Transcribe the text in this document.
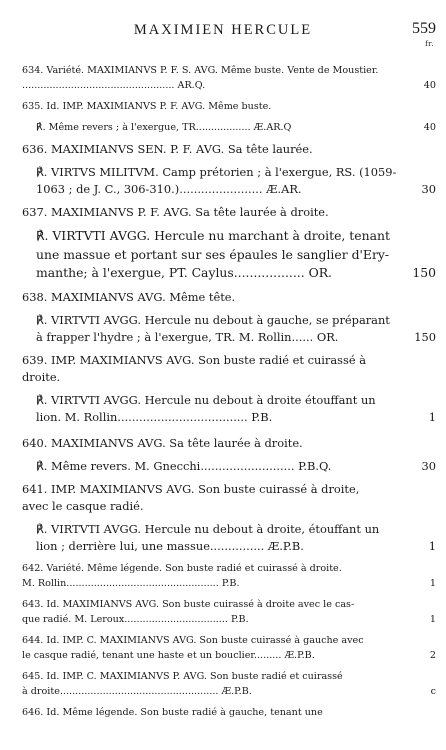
MAXIMIEN HERCULE	559
fr.
634. Variété. MAXIMIANVS P. F. S. AVG. Même buste. Vente de Moustier.
.................................................. AR.Q.	40
635. Id. IMP. MAXIMIANVS P. F. AVG. Même buste.
℟. Même revers ; à l'exergue, TR.................. Æ.AR.Q	40
636. MAXIMIANVS SEN. P. F. AVG. Sa tête laurée.
℟. VIRTVS MILITVM. Camp prétorien ; à l'exergue, RS. (1059-
1063 ; de J. C., 306-310.)....................... Æ.AR.	30
637. MAXIMIANVS P. F. AVG. Sa tête laurée à droite.
℟. VIRTVTI AVGG. Hercule nu marchant à droite, tenant
une massue et portant sur ses épaules le sanglier d'Ery-
manthe; à l'exergue, PT. Caylus.................. OR.	150
638. MAXIMIANVS AVG. Même tête.
℟. VIRTVTI AVGG. Hercule nu debout à gauche, se préparant
à frapper l'hydre ; à l'exergue, TR. M. Rollin...... OR.	150
639. IMP. MAXIMIANVS AVG. Son buste radié et cuirassé à
droite.
℟. VIRTVTI AVGG. Hercule nu debout à droite étouffant un
lion. M. Rollin.................................... P.B.	1
640. MAXIMIANVS AVG. Sa tête laurée à droite.
℟. Même revers. M. Gnecchi.......................... P.B.Q.	30
641. IMP. MAXIMIANVS AVG. Son buste cuirassé à droite,
avec le casque radié.
℟. VIRTVTI AVGG. Hercule nu debout à droite, étouffant un
lion ; derrière lui, une massue............... Æ.P.B.	1
642. Variété. Même légende. Son buste radié et cuirassé à droite.
M. Rollin.................................................. P.B.	1
643. Id. MAXIMIANVS AVG. Son buste cuirassé à droite avec le cas-
que radié. M. Leroux.................................. P.B.	1
644. Id. IMP. C. MAXIMIANVS AVG. Son buste cuirassé à gauche avec
le casque radié, tenant une haste et un bouclier......... Æ.P.B.	2
645. Id. IMP. C. MAXIMIANVS P. AVG. Son buste radié et cuirassé
à droite.................................................... Æ.P.B.	c
646. Id. Même légende. Son buste radié à gauche, tenant une
